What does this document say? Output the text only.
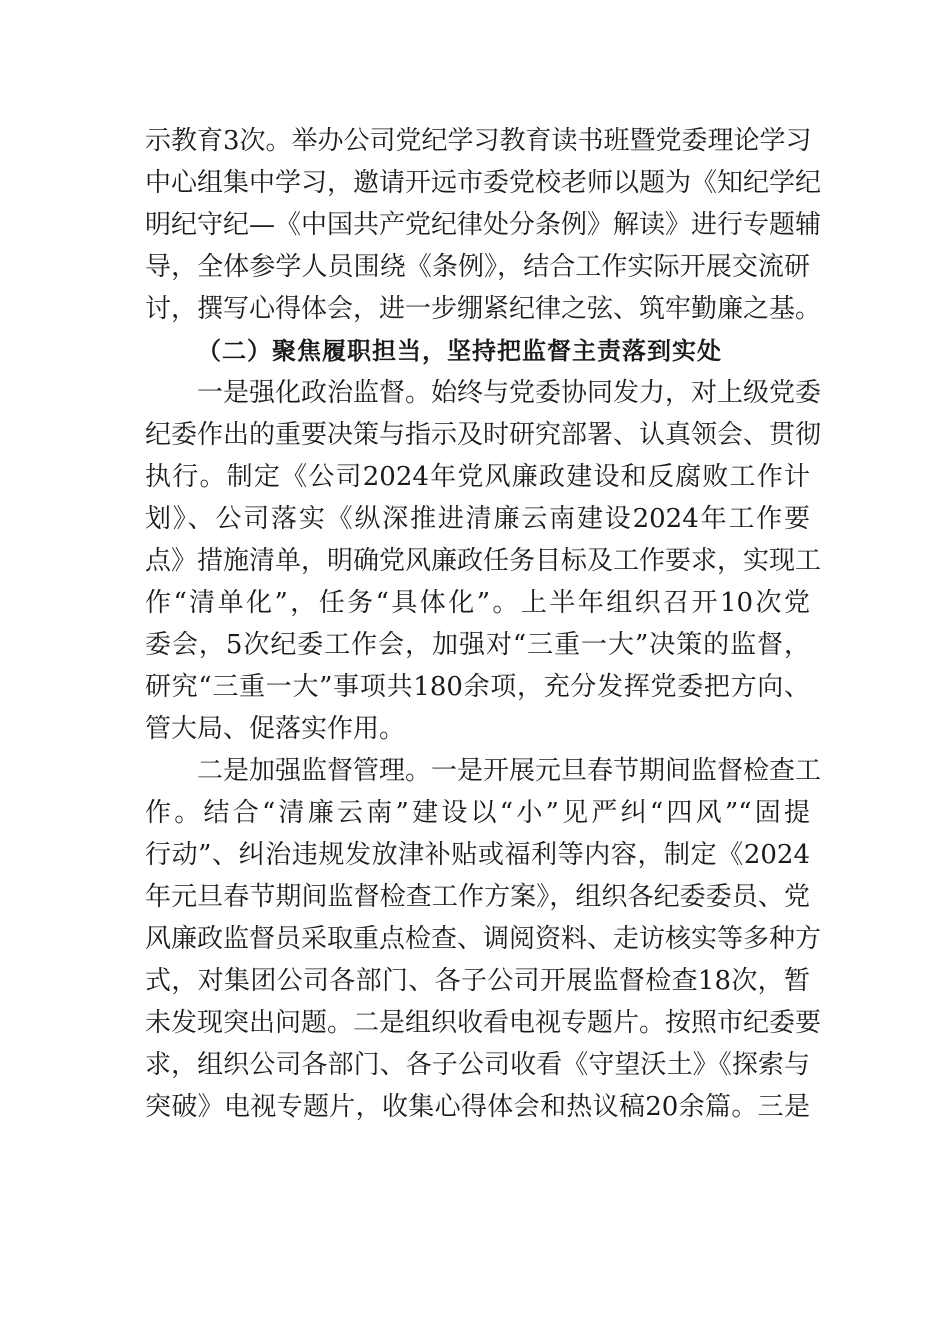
示教育3次。举办公司党纪学习教育读书班暨党委理论学习
中心组集中学习，邀请开远市委党校老师以题为《知纪学纪
明纪守纪—《中国共产党纪律处分条例》解读》进行专题辅
导，全体参学人员围绕《条例》，结合工作实际开展交流研
讨，撰写心得体会，进一步绷紧纪律之弦、筑牢勤廉之基。
（二）聚焦履职担当，坚持把监督主责落到实处
一是强化政治监督。始终与党委协同发力，对上级党委
纪委作出的重要决策与指示及时研究部署、认真领会、贯彻
执行。制定《公司2024年党风廉政建设和反腐败工作计
划》、公司落实《纵深推进清廉云南建设2024年工作要
点》措施清单，明确党风廉政任务目标及工作要求，实现工
作“清单化”，任务“具体化”。上半年组织召开10次党
委会，5次纪委工作会，加强对“三重一大”决策的监督，
研究“三重一大”事项共180余项，充分发挥党委把方向、
管大局、促落实作用。
二是加强监督管理。一是开展元旦春节期间监督检查工
作。结合“清廉云南”建设以“小”见严纠“四风”“固提
行动”、纠治违规发放津补贴或福利等内容，制定《2024
年元旦春节期间监督检查工作方案》，组织各纪委委员、党
风廉政监督员采取重点检查、调阅资料、走访核实等多种方
式，对集团公司各部门、各子公司开展监督检查18次，暂
未发现突出问题。二是组织收看电视专题片。按照市纪委要
求，组织公司各部门、各子公司收看《守望沃土》《探索与
突破》电视专题片，收集心得体会和热议稿20余篇。三是
